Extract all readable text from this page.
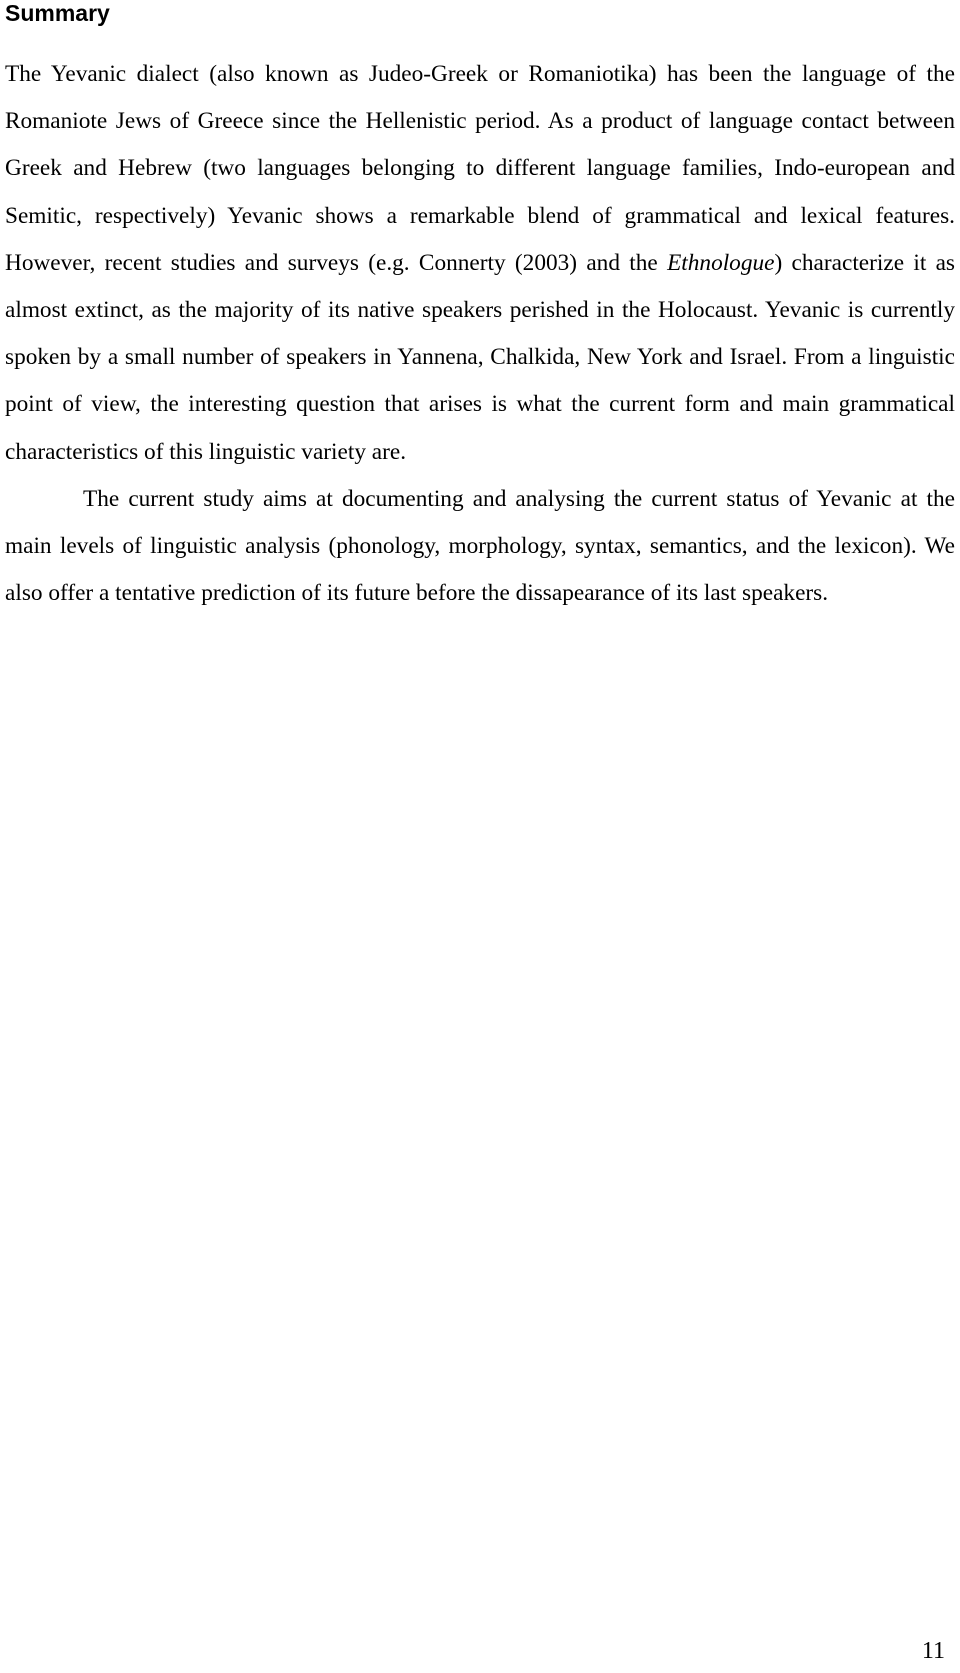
Summary

The Yevanic dialect (also known as Judeo-Greek or Romaniotika) has been the language of the Romaniote Jews of Greece since the Hellenistic period. As a product of language contact between Greek and Hebrew (two languages belonging to different language families, Indo-european and Semitic, respectively) Yevanic shows a remarkable blend of grammatical and lexical features. However, recent studies and surveys (e.g. Connerty (2003) and the Ethnologue) characterize it as almost extinct, as the majority of its native speakers perished in the Holocaust. Yevanic is currently spoken by a small number of speakers in Yannena, Chalkida, New York and Israel. From a linguistic point of view, the interesting question that arises is what the current form and main grammatical characteristics of this linguistic variety are.

The current study aims at documenting and analysing the current status of Yevanic at the main levels of linguistic analysis (phonology, morphology, syntax, semantics, and the lexicon). We also offer a tentative prediction of its future before the dissapearance of its last speakers.

11
